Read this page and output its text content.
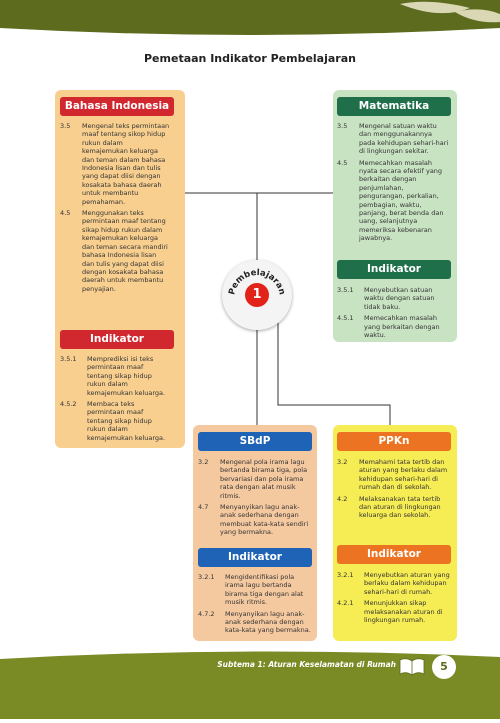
Pemetaan Indikator Pembelajaran
Bahasa Indonesia
3.5	Mengenal teks permintaan maaf tentang sikop hidup rukun dalam kemajemukan keluarga dan teman dalam bahasa Indonesia lisan dan tulis yang dapat diisi dengan kosakata bahasa daerah untuk membantu pemahaman.
4.5	Menggunakan teks permintaan maaf tentang sikap hidup rukun dalam kemajemukan keluarga dan teman secara mandiri bahasa Indonesia lisan dan tulis yang dapat diisi dengan kosakata bahasa daerah untuk membantu penyajian.
Indikator
3.5.1	Memprediksi isi teks permintaan maaf tentang sikap hidup rukun dalam kemajemukan keluarga.
4.5.2	Membaca teks permintaan maaf tentang sikap hidup rukun dalam kemajemukan keluarga.
Matematika
3.5	Mengenal satuan waktu dan menggunakannya pada kehidupan sehari-hari di lingkungan sekitar.
4.5	Memecahkan masalah nyata secara efektif yang berkaitan dengan penjumlahan, pengurangan, perkalian, pembagian, waktu, panjang, berat benda dan uang, selanjutnya memeriksa kebenaran jawabnya.
Indikator
3.5.1	Menyebutkan satuan waktu dengan satuan tidak baku.
4.5.1	Memecahkan masalah yang berkaitan dengan waktu.
Pembelajaran
1
SBdP
3.2	Mengenal pola irama lagu bertanda birama tiga, pola bervariasi dan pola irama rata dengan alat musik ritmis.
4.7	Menyanyikan lagu anak-anak sederhana dengan membuat kata-kata sendiri yang bermakna.
Indikator
3.2.1	Mengidentifikasi pola irama lagu bertanda birama tiga dengan alat musik ritmis.
4.7.2	Menyanyikan lagu anak-anak sederhana dengan kata-kata yang bermakna.
PPKn
3.2	Memahami tata tertib dan aturan yang berlaku dalam kehidupan sehari-hari di rumah dan di sekolah.
4.2	Melaksanakan tata tertib dan aturan di lingkungan keluarga dan sekolah.
Indikator
3.2.1	Menyebutkan aturan yang berlaku dalam kehidupan sehari-hari di rumah.
4.2.1	Menunjukkan sikap melaksanakan aturan di lingkungan rumah.
Subtema 1: Aturan Keselamatan di Rumah	5
